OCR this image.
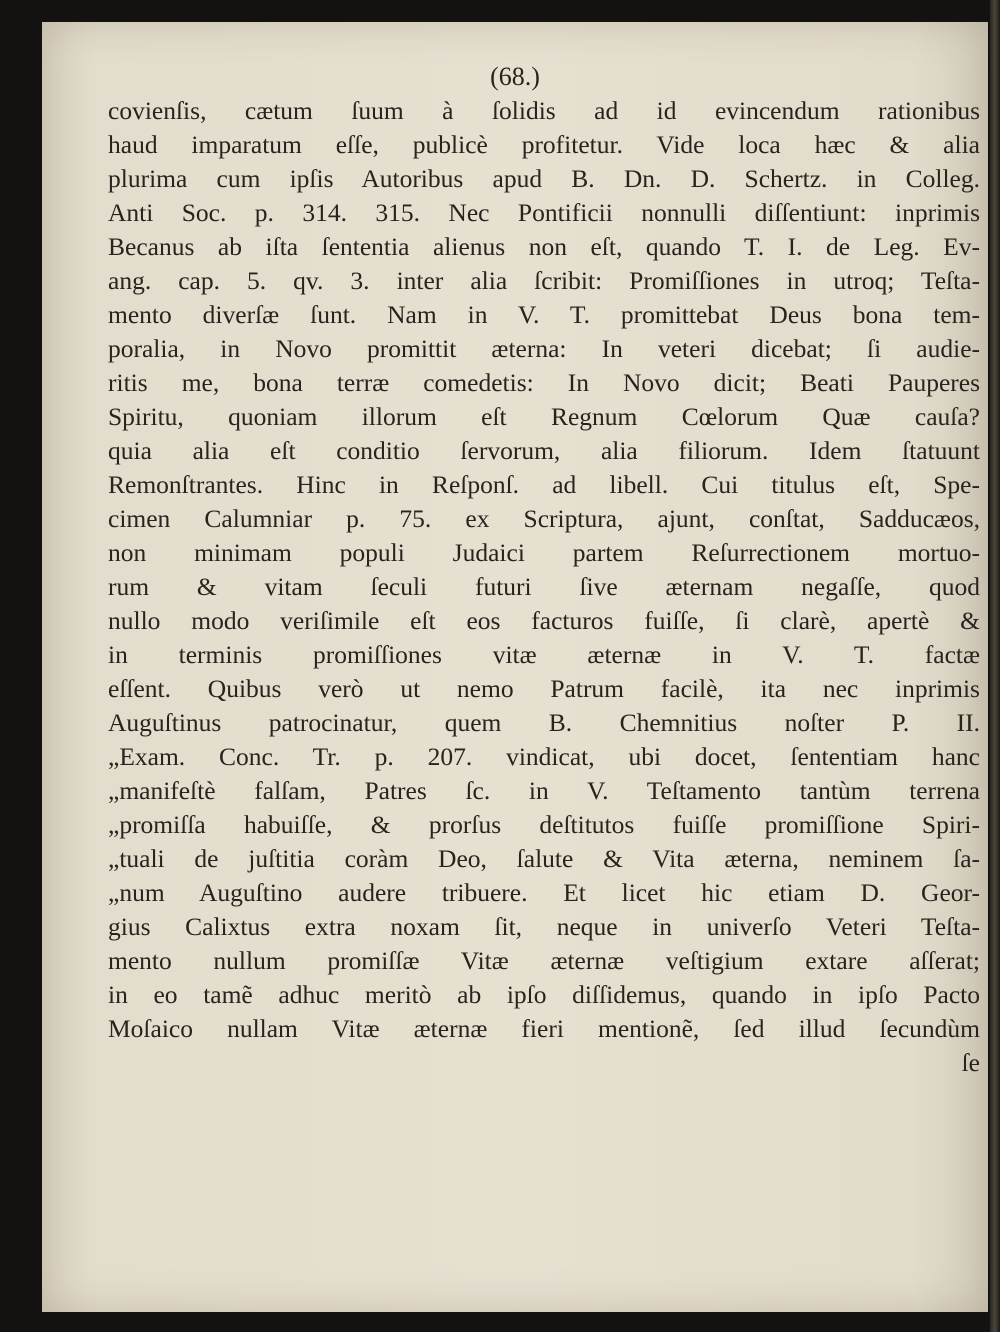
(68.)
covienſis, cætum ſuum à ſolidis ad id evincendum rationibus
haud imparatum eſſe, publicè profitetur. Vide loca hæc & alia
plurima cum ipſis Autoribus apud B. Dn. D. Schertz. in Colleg.
Anti Soc. p. 314. 315. Nec Pontificii nonnulli diſſentiunt: inprimis
Becanus ab iſta ſententia alienus non eſt, quando T. I. de Leg. Ev-
ang. cap. 5. qv. 3. inter alia ſcribit: Promiſſiones in utroq; Teſta-
mento diverſæ ſunt. Nam in V. T. promittebat Deus bona tem-
poralia, in Novo promittit æterna: In veteri dicebat; ſi audie-
ritis me, bona terræ comedetis: In Novo dicit; Beati Pauperes
Spiritu, quoniam illorum eſt Regnum Cœlorum Quæ cauſa?
quia alia eſt conditio ſervorum, alia filiorum. Idem ſtatuunt
Remonſtrantes. Hinc in Reſponſ. ad libell. Cui titulus eſt, Spe-
cimen Calumniar p. 75. ex Scriptura, ajunt, conſtat, Sadducæos,
non minimam populi Judaici partem Reſurrectionem mortuo-
rum & vitam ſeculi futuri ſive æternam negaſſe, quod
nullo modo veriſimile eſt eos facturos fuiſſe, ſi clarè, apertè &
in terminis promiſſiones vitæ æternæ in V. T. factæ
eſſent. Quibus verò ut nemo Patrum facilè, ita nec inprimis
Auguſtinus patrocinatur, quem B. Chemnitius noſter P. II.
„Exam. Conc. Tr. p. 207. vindicat, ubi docet, ſententiam hanc
„manifeſtè falſam, Patres ſc. in V. Teſtamento tantùm terrena
„promiſſa habuiſſe, & prorſus deſtitutos fuiſſe promiſſione Spiri-
„tuali de juſtitia coràm Deo, ſalute & Vita æterna, neminem ſa-
„num Auguſtino audere tribuere. Et licet hic etiam D. Geor-
gius Calixtus extra noxam ſit, neque in univerſo Veteri Teſta-
mento nullum promiſſæ Vitæ æternæ veſtigium extare aſſerat;
in eo tamẽ adhuc meritò ab ipſo diſſidemus, quando in ipſo Pacto
Moſaico nullam Vitæ æternæ fieri mentionẽ, ſed illud ſecundùm
ſe
